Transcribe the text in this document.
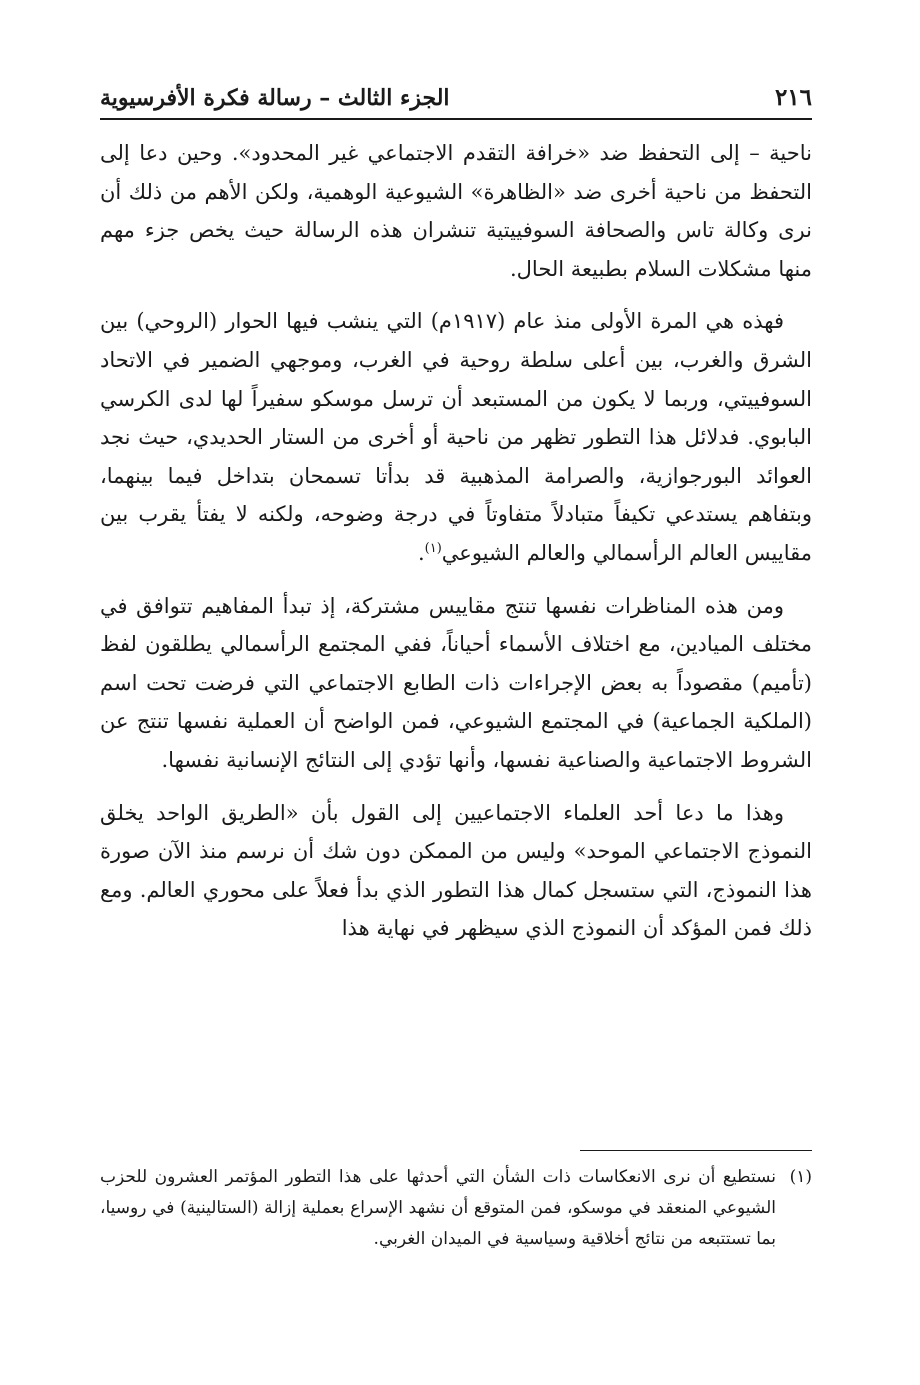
٢١٦
الجزء الثالث – رسالة فكرة الأفرسيوية

ناحية – إلى التحفظ ضد «خرافة التقدم الاجتماعي غير المحدود». وحين دعا إلى التحفظ من ناحية أخرى ضد «الظاهرة» الشيوعية الوهمية، ولكن الأهم من ذلك أن نرى وكالة تاس والصحافة السوفييتية تنشران هذه الرسالة حيث يخص جزء مهم منها مشكلات السلام بطبيعة الحال.

فهذه هي المرة الأولى منذ عام (١٩١٧م) التي ينشب فيها الحوار (الروحي) بين الشرق والغرب، بين أعلى سلطة روحية في الغرب، وموجهي الضمير في الاتحاد السوفييتي، وربما لا يكون من المستبعد أن ترسل موسكو سفيراً لها لدى الكرسي البابوي. فدلائل هذا التطور تظهر من ناحية أو أخرى من الستار الحديدي، حيث نجد العوائد البورجوازية، والصرامة المذهبية قد بدأتا تسمحان بتداخل فيما بينهما، وبتفاهم يستدعي تكيفاً متبادلاً متفاوتاً في درجة وضوحه، ولكنه لا يفتأ يقرب بين مقاييس العالم الرأسمالي والعالم الشيوعي$^{(١)}$.

ومن هذه المناظرات نفسها تنتج مقاييس مشتركة، إذ تبدأ المفاهيم تتوافق في مختلف الميادين، مع اختلاف الأسماء أحياناً، ففي المجتمع الرأسمالي يطلقون لفظ (تأميم) مقصوداً به بعض الإجراءات ذات الطابع الاجتماعي التي فرضت تحت اسم (الملكية الجماعية) في المجتمع الشيوعي، فمن الواضح أن العملية نفسها تنتج عن الشروط الاجتماعية والصناعية نفسها، وأنها تؤدي إلى النتائج الإنسانية نفسها.

وهذا ما دعا أحد العلماء الاجتماعيين إلى القول بأن «الطريق الواحد يخلق النموذج الاجتماعي الموحد» وليس من الممكن دون شك أن نرسم منذ الآن صورة هذا النموذج، التي ستسجل كمال هذا التطور الذي بدأ فعلاً على محوري العالم. ومع ذلك فمن المؤكد أن النموذج الذي سيظهر في نهاية هذا

(١)
نستطيع أن نرى الانعكاسات ذات الشأن التي أحدثها على هذا التطور المؤتمر العشرون للحزب الشيوعي المنعقد في موسكو، فمن المتوقع أن نشهد الإسراع بعملية إزالة (الستالينية) في روسيا، بما تستتبعه من نتائج أخلاقية وسياسية في الميدان الغربي.
